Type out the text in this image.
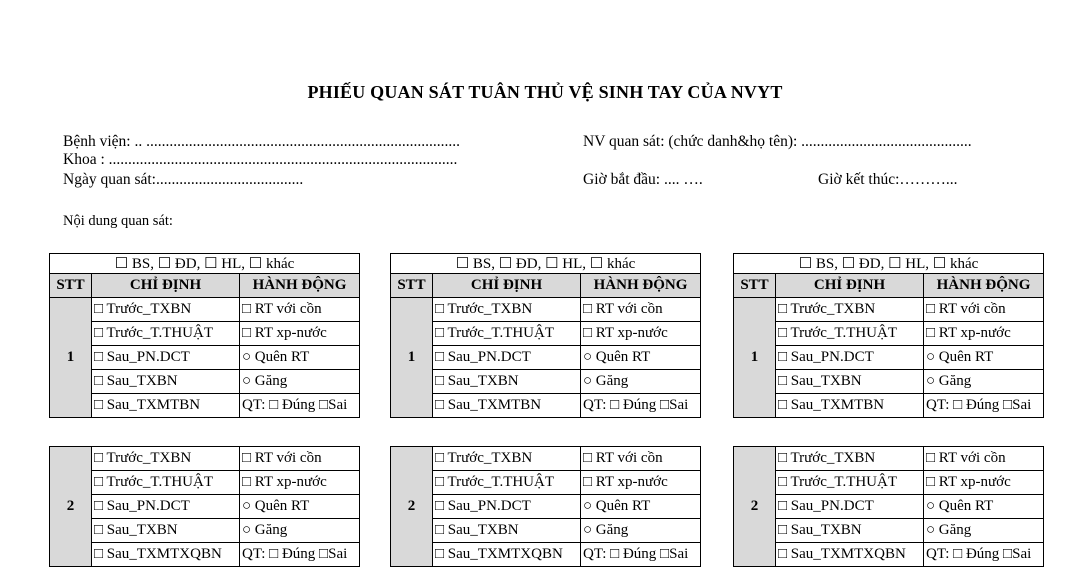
PHIẾU QUAN SÁT TUÂN THỦ VỆ SINH TAY CỦA NVYT
Bệnh viện: .. .................................................................................	NV quan sát: (chức danh&họ tên): ............................................
Khoa : ..........................................................................................
Ngày quan sát:......................................	Giờ bắt đầu: .... ….	Giờ kết thúc:………...
Nội dung quan sát:
☐ BS, ☐ ĐD, ☐ HL, ☐ khác		
STT	CHỈ ĐỊNH	HÀNH ĐỘNG
1	□ Trước_TXBN	□ RT với cồn
	□ Trước_T.THUẬT	□ RT xp-nước
	□ Sau_PN.DCT	○ Quên RT
	□ Sau_TXBN	○ Găng
	□ Sau_TXMTBN	QT: □ Đúng □Sai
☐ BS, ☐ ĐD, ☐ HL, ☐ khác		
STT	CHỈ ĐỊNH	HÀNH ĐỘNG
1	□ Trước_TXBN	□ RT với cồn
	□ Trước_T.THUẬT	□ RT xp-nước
	□ Sau_PN.DCT	○ Quên RT
	□ Sau_TXBN	○ Găng
	□ Sau_TXMTBN	QT: □ Đúng □Sai
☐ BS, ☐ ĐD, ☐ HL, ☐ khác		
STT	CHỈ ĐỊNH	HÀNH ĐỘNG
1	□ Trước_TXBN	□ RT với cồn
	□ Trước_T.THUẬT	□ RT xp-nước
	□ Sau_PN.DCT	○ Quên RT
	□ Sau_TXBN	○ Găng
	□ Sau_TXMTBN	QT: □ Đúng □Sai
2	□ Trước_TXBN	□ RT với cồn
	□ Trước_T.THUẬT	□ RT xp-nước
	□ Sau_PN.DCT	○ Quên RT
	□ Sau_TXBN	○ Găng
	□ Sau_TXMTXQBN	QT: □ Đúng □Sai
2	□ Trước_TXBN	□ RT với cồn
	□ Trước_T.THUẬT	□ RT xp-nước
	□ Sau_PN.DCT	○ Quên RT
	□ Sau_TXBN	○ Găng
	□ Sau_TXMTXQBN	QT: □ Đúng □Sai
2	□ Trước_TXBN	□ RT với cồn
	□ Trước_T.THUẬT	□ RT xp-nước
	□ Sau_PN.DCT	○ Quên RT
	□ Sau_TXBN	○ Găng
	□ Sau_TXMTXQBN	QT: □ Đúng □Sai
